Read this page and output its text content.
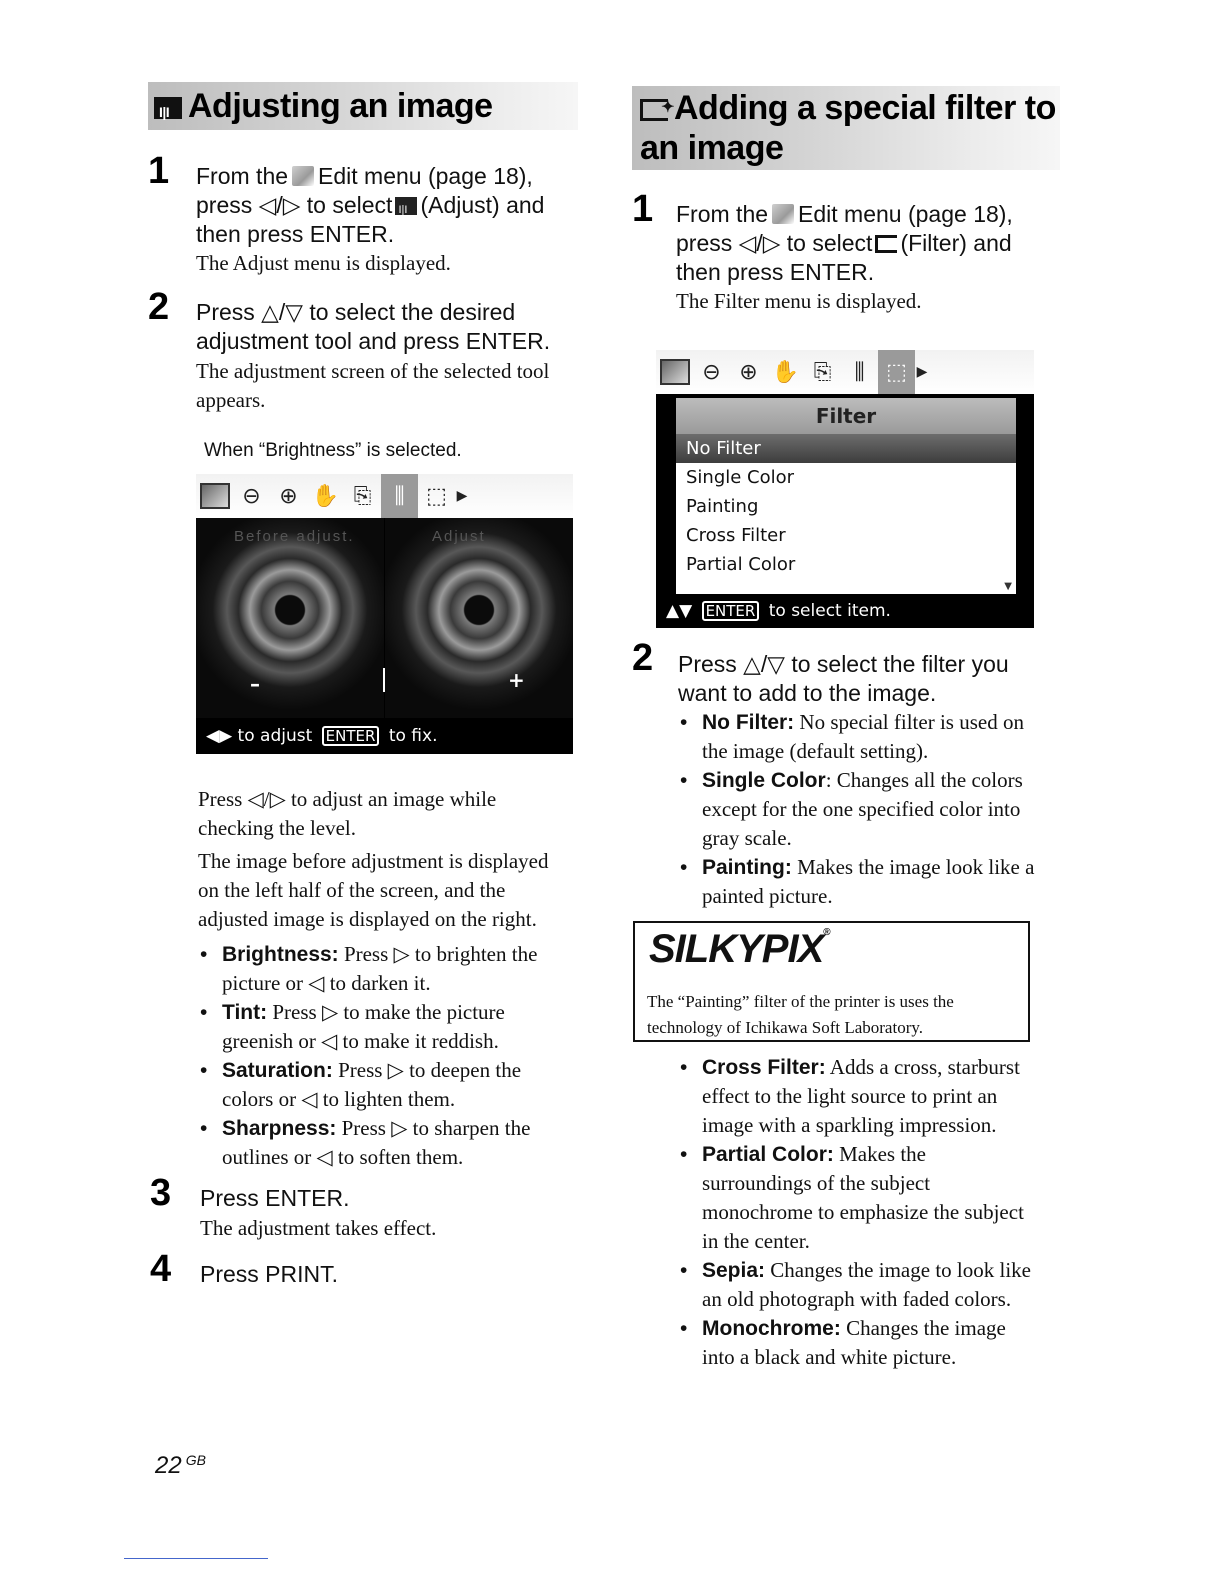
I|IAdjusting an image
1 From the Edit menu (page 18),
press ◁/▷ to selectI|I (Adjust) and
then press ENTER.
The Adjust menu is displayed.
2 Press △/▽ to select the desired
adjustment tool and press ENTER.
The adjustment screen of the selected tool
appears.
When “Brightness” is selected.
⊖ ⊕ ✋ ⎘	⫼ ⬚ ▶
Before adjust.	Adjust
–	+
◀▶ to adjust ENTER to fix.
Press ◁/▷ to adjust an image while
checking the level.
The image before adjustment is displayed
on the left half of the screen, and the
adjusted image is displayed on the right.
• Brightness: Press ▷ to brighten the
picture or ◁ to darken it.
• Tint: Press ▷ to make the picture
greenish or ◁ to make it reddish.
• Saturation: Press ▷ to deepen the
colors or ◁ to lighten them.
• Sharpness: Press ▷ to sharpen the
outlines or ◁ to soften them.
3 Press ENTER.
The adjustment takes effect.
4 Press PRINT.
✦Adding a special filter to
an image
1 From the Edit menu (page 18),
press ◁/▷ to select (Filter) and
then press ENTER.
The Filter menu is displayed.
⊖ ⊕ ✋ ⎘	⫼ ⬚ ▶
Filter
No Filter
Single Color
Painting
Cross Filter
Partial Color
▼
▲▼ ENTER to select item.
2 Press △/▽ to select the filter you
want to add to the image.
• No Filter: No special filter is used on
the image (default setting).
• Single Color: Changes all the colors
except for the one specified color into
gray scale.
• Painting: Makes the image look like a
painted picture.
• Cross Filter: Adds a cross, starburst
effect to the light source to print an
image with a sparkling impression.
• Partial Color: Makes the
surroundings of the subject
monochrome to emphasize the subject
in the center.
• Sepia: Changes the image to look like
an old photograph with faded colors.
• Monochrome: Changes the image
into a black and white picture.
SILKYPIX®
The “Painting” filter of the printer is uses the
technology of Ichikawa Soft Laboratory.
22 $^{GB}$
